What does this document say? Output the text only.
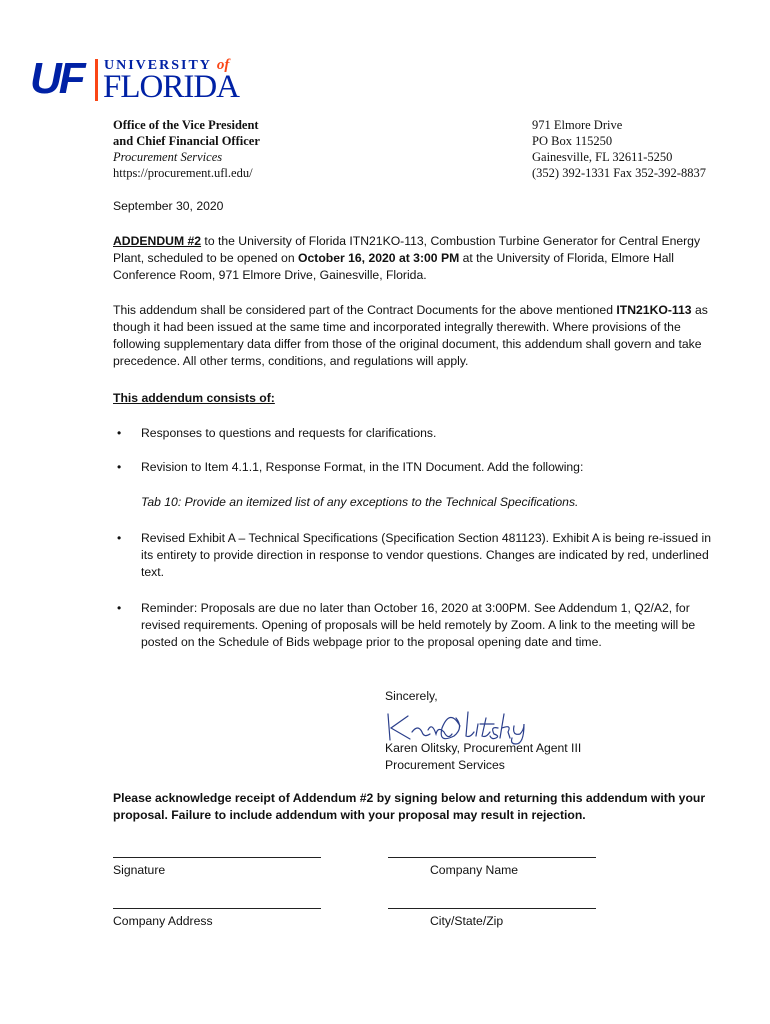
UF UNIVERSITY of
FLORIDA
Office of the Vice President
and Chief Financial Officer
Procurement Services
https://procurement.ufl.edu/
971 Elmore Drive
PO Box 115250
Gainesville, FL 32611-5250
(352) 392-1331 Fax 352-392-8837
September 30, 2020
ADDENDUM #2 to the University of Florida ITN21KO-113, Combustion Turbine Generator for Central Energy Plant, scheduled to be opened on October 16, 2020 at 3:00 PM at the University of Florida, Elmore Hall Conference Room, 971 Elmore Drive, Gainesville, Florida.
This addendum shall be considered part of the Contract Documents for the above mentioned ITN21KO-113 as though it had been issued at the same time and incorporated integrally therewith. Where provisions of the following supplementary data differ from those of the original document, this addendum shall govern and take precedence. All other terms, conditions, and regulations will apply.
This addendum consists of:
• Responses to questions and requests for clarifications.
• Revision to Item 4.1.1, Response Format, in the ITN Document. Add the following:
Tab 10: Provide an itemized list of any exceptions to the Technical Specifications.
• Revised Exhibit A – Technical Specifications (Specification Section 481123). Exhibit A is being re-issued in its entirety to provide direction in response to vendor questions. Changes are indicated by red, underlined text.
• Reminder: Proposals are due no later than October 16, 2020 at 3:00PM. See Addendum 1, Q2/A2, for revised requirements. Opening of proposals will be held remotely by Zoom. A link to the meeting will be posted on the Schedule of Bids webpage prior to the proposal opening date and time.
Sincerely,
Karen Olitsky, Procurement Agent III
Procurement Services
Please acknowledge receipt of Addendum #2 by signing below and returning this addendum with your proposal. Failure to include addendum with your proposal may result in rejection.
Signature	Company Name
Company Address	City/State/Zip
